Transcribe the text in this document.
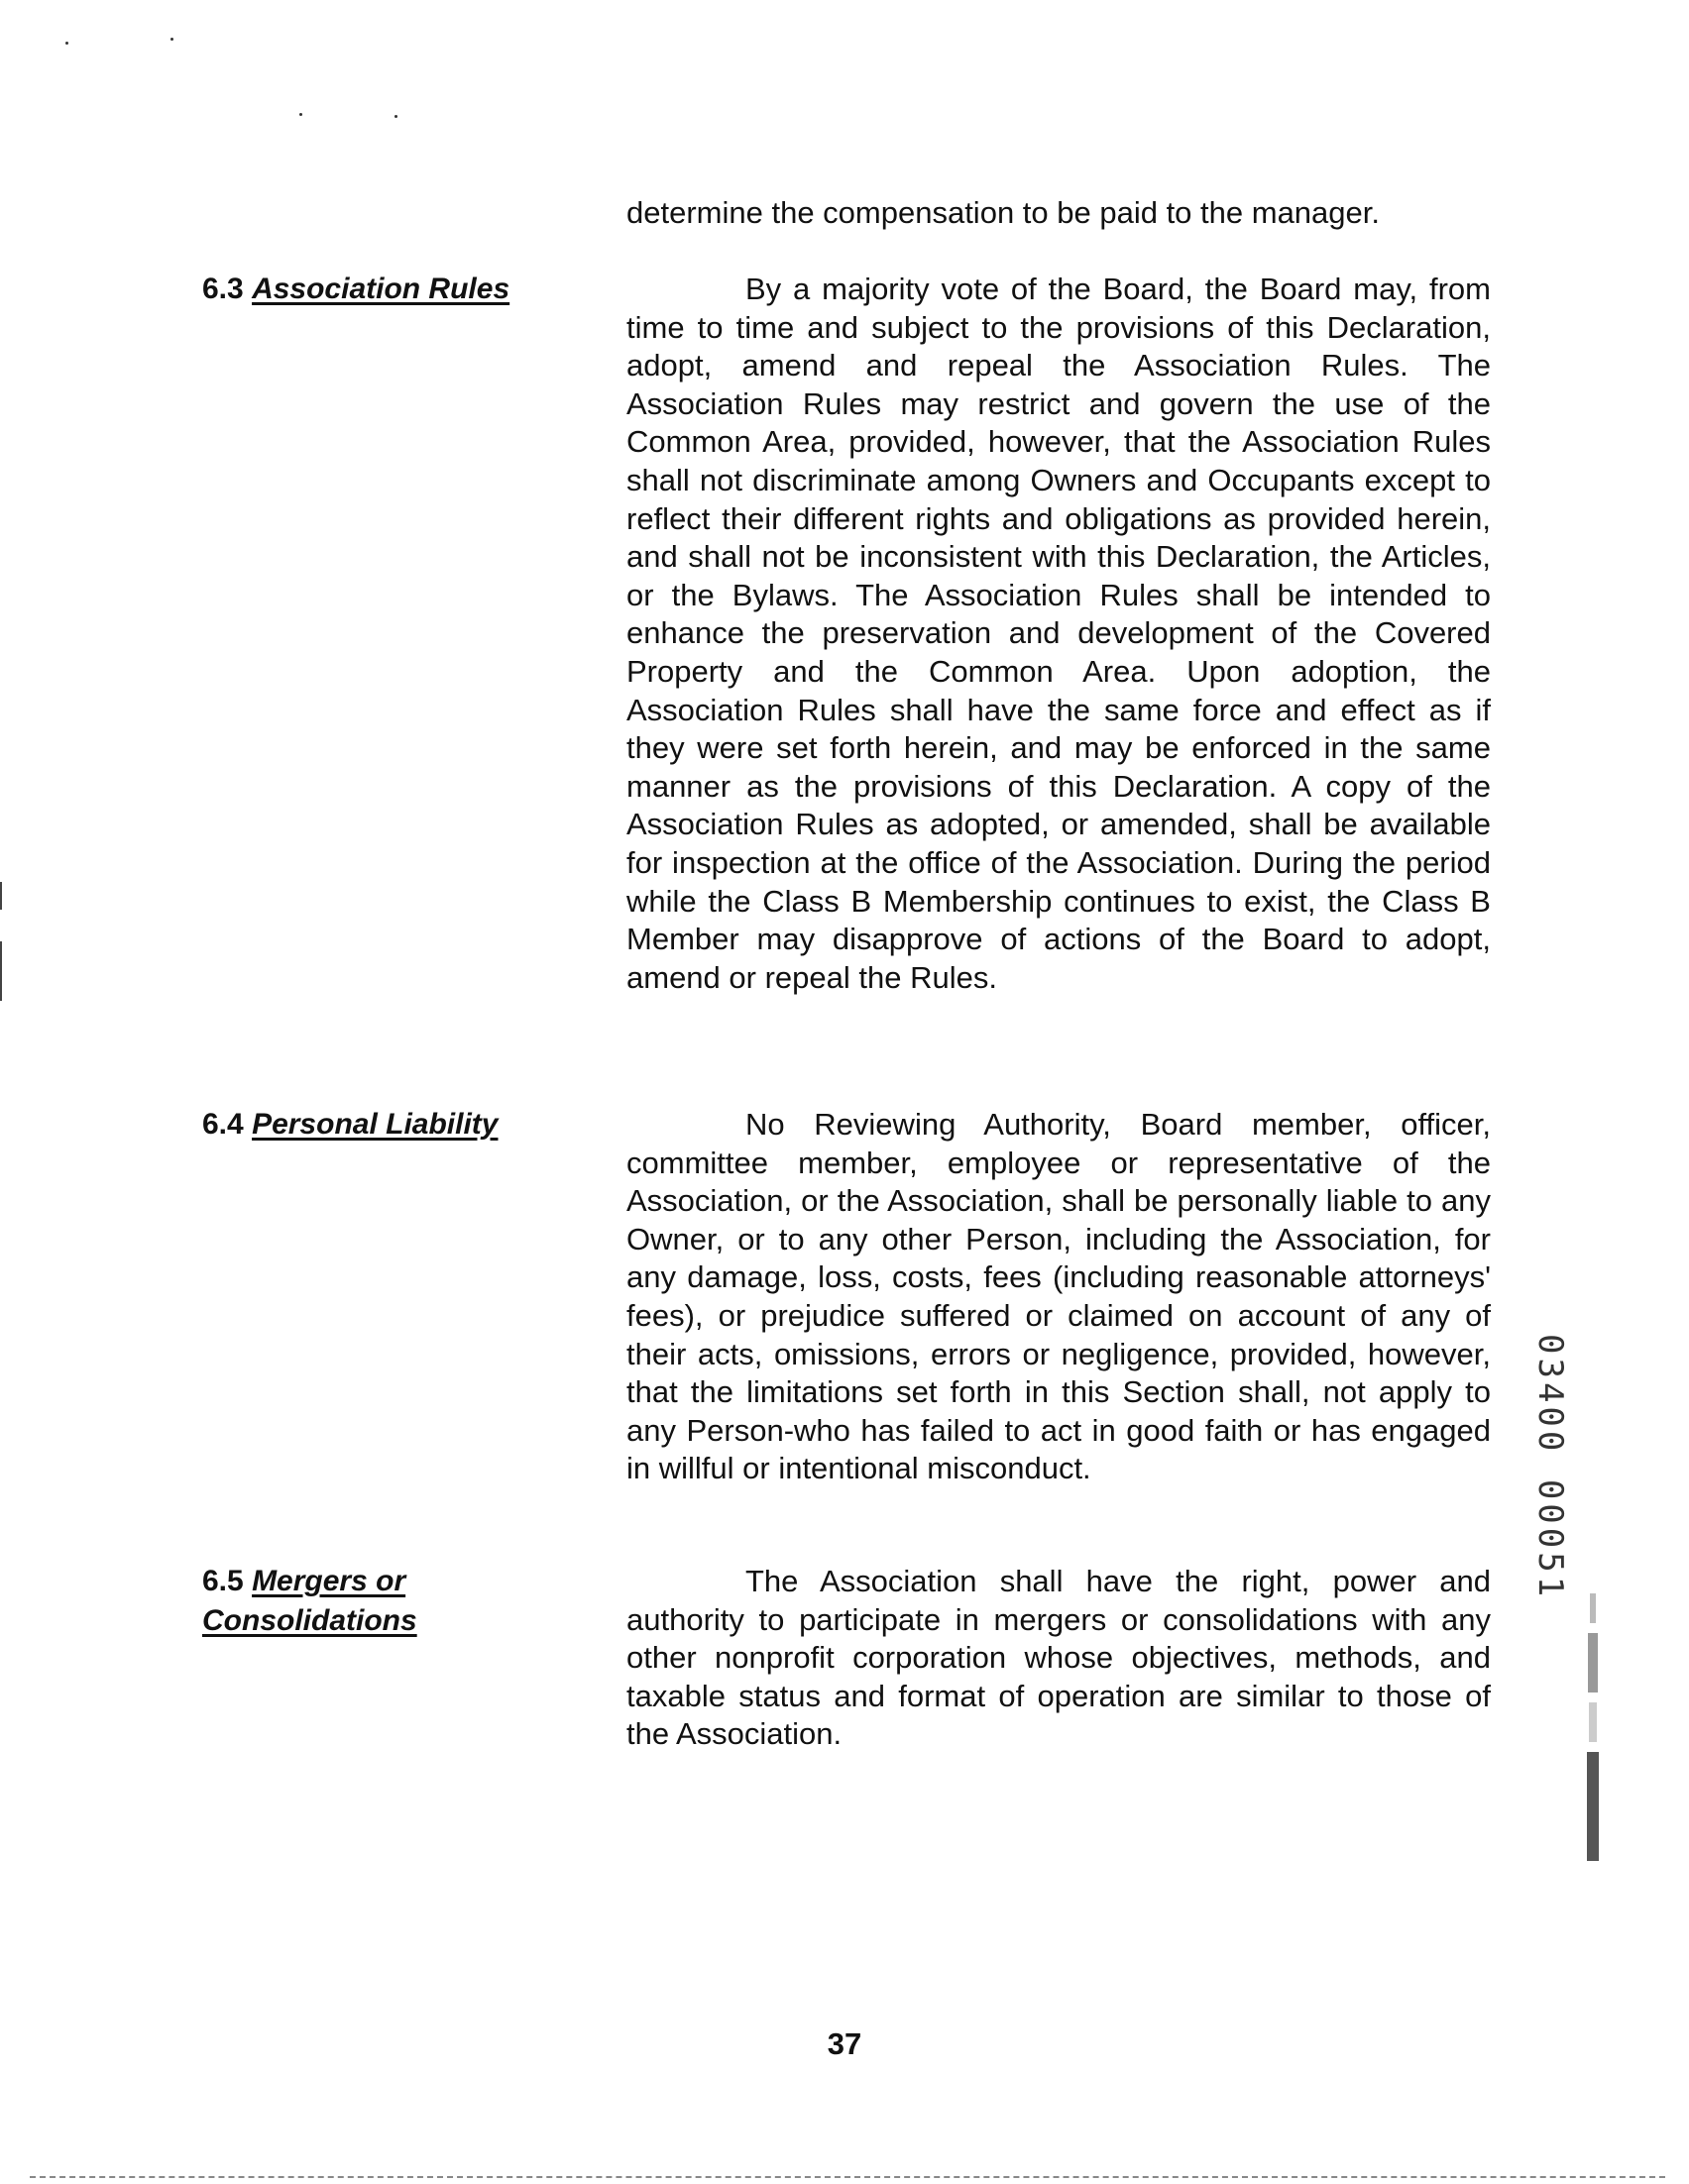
determine the compensation to be paid to the manager.

6.3 Association Rules	By a majority vote of the Board, the Board may, from time to time and subject to the provisions of this Declaration, adopt, amend and repeal the Association Rules. The Association Rules may restrict and govern the use of the Common Area, provided, however, that the Association Rules shall not discriminate among Owners and Occupants except to reflect their different rights and obligations as provided herein, and shall not be inconsistent with this Declaration, the Articles, or the Bylaws. The Association Rules shall be intended to enhance the preservation and development of the Covered Property and the Common Area. Upon adoption, the Association Rules shall have the same force and effect as if they were set forth herein, and may be enforced in the same manner as the provisions of this Declaration. A copy of the Association Rules as adopted, or amended, shall be available for inspection at the office of the Association. During the period while the Class B Membership continues to exist, the Class B Member may disapprove of actions of the Board to adopt, amend or repeal the Rules.

6.4 Personal Liability	No Reviewing Authority, Board member, officer, committee member, employee or representative of the Association, or the Association, shall be personally liable to any Owner, or to any other Person, including the Association, for any damage, loss, costs, fees (including reasonable attorneys' fees), or prejudice suffered or claimed on account of any of their acts, omissions, errors or negligence, provided, however, that the limitations set forth in this Section shall, not apply to any Person-who has failed to act in good faith or has engaged in willful or intentional misconduct.

6.5 Mergers or Consolidations

The Association shall have the right, power and authority to participate in mergers or consolidations with any other nonprofit corporation whose objectives, methods, and taxable status and format of operation are similar to those of the Association.

03400 00051

37
